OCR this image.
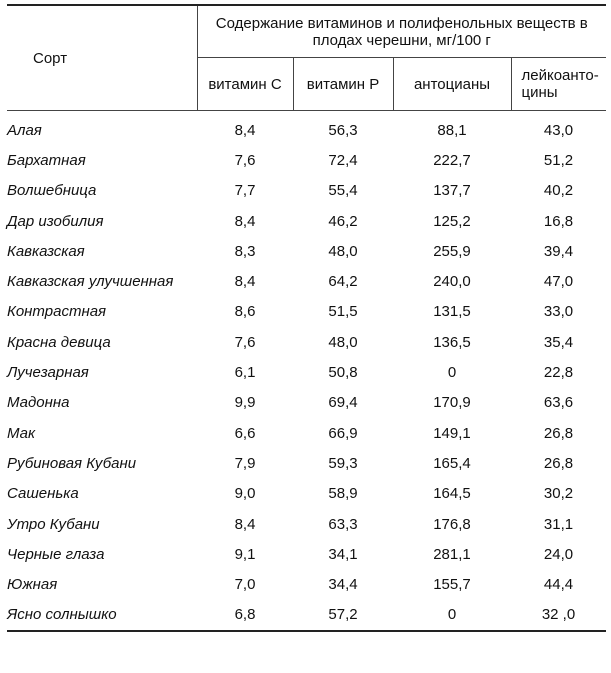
Сорт	Содержание витаминов и полифенольных веществ в плодах черешни, мг/100 г			
	витамин С	витамин Р	антоцианы	лейкоанто-
цины

Алая	8,4	56,3	88,1	43,0
Бархатная	7,6	72,4	222,7	51,2
Волшебница	7,7	55,4	137,7	40,2
Дар изобилия	8,4	46,2	125,2	16,8
Кавказская	8,3	48,0	255,9	39,4
Кавказская улучшенная	8,4	64,2	240,0	47,0
Контрастная	8,6	51,5	131,5	33,0
Красна девица	7,6	48,0	136,5	35,4
Лучезарная	6,1	50,8	0	22,8
Мадонна	9,9	69,4	170,9	63,6
Мак	6,6	66,9	149,1	26,8
Рубиновая Кубани	7,9	59,3	165,4	26,8
Сашенька	9,0	58,9	164,5	30,2
Утро Кубани	8,4	63,3	176,8	31,1
Черные глаза	9,1	34,1	281,1	24,0
Южная	7,0	34,4	155,7	44,4
Ясно солнышко	6,8	57,2	0	32 ,0
